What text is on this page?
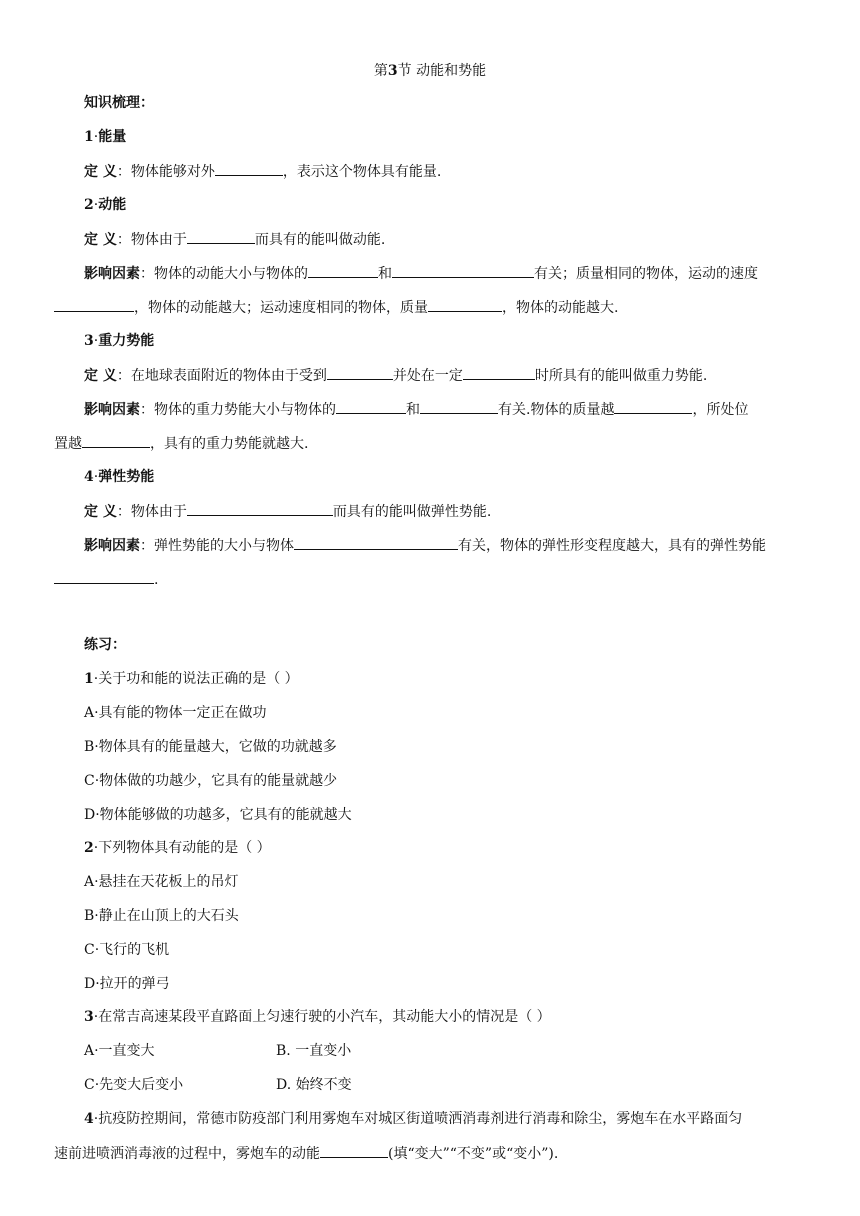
第3节 动能和势能
知识梳理：
1·能量
定 义：物体能够对外	，表示这个物体具有能量.
2·动能
定 义：物体由于	而具有的能叫做动能.
影响因素：物体的动能大小与物体的	和	有关；质量相同的物体，运动的速度
，物体的动能越大；运动速度相同的物体，质量	，物体的动能越大.
3·重力势能
定 义：在地球表面附近的物体由于受到	并处在一定	时所具有的能叫做重力势能.
影响因素：物体的重力势能大小与物体的	和	有关.物体的质量越	，所处位
置越	，具有的重力势能就越大.
4·弹性势能
定 义：物体由于	而具有的能叫做弹性势能.
影响因素：弹性势能的大小与物体	有关，物体的弹性形变程度越大，具有的弹性势能
.
练习：
1·关于功和能的说法正确的是（ ）
A·具有能的物体一定正在做功
B·物体具有的能量越大，它做的功就越多
C·物体做的功越少，它具有的能量就越少
D·物体能够做的功越多，它具有的能就越大
2·下列物体具有动能的是（ ）
A·悬挂在天花板上的吊灯
B·静止在山顶上的大石头
C·飞行的飞机
D·拉开的弹弓
3·在常吉高速某段平直路面上匀速行驶的小汽车，其动能大小的情况是（ ）
A·一直变大	B. 一直变小
C·先变大后变小	D. 始终不变
4·抗疫防控期间，常德市防疫部门利用雾炮车对城区街道喷洒消毒剂进行消毒和除尘，雾炮车在水平路面匀
速前进喷洒消毒液的过程中，雾炮车的动能	(填“变大”“不变”或“变小”).
